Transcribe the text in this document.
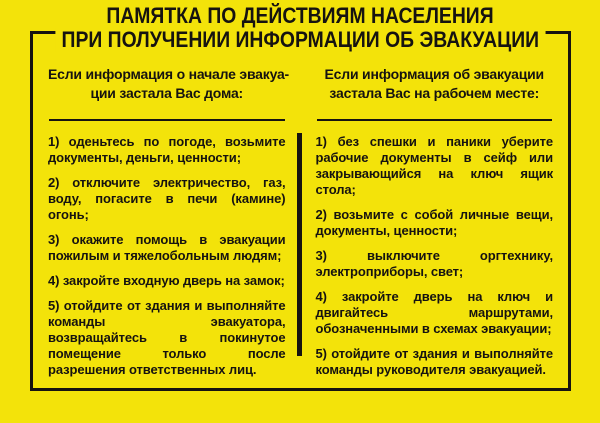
ПАМЯТКА ПО ДЕЙСТВИЯМ НАСЕЛЕНИЯ
ПРИ ПОЛУЧЕНИИ ИНФОРМАЦИИ ОБ ЭВАКУАЦИИ
Если информация о начале эвакуа-
ции застала Вас дома:

1) оденьтесь по погоде, возьмите документы, деньги, ценности;

2) отключите электричество, газ, воду, погасите в печи (камине) огонь;

3) окажите помощь в эвакуации пожилым и тяжелобольным людям;

4) закройте входную дверь на замок;

5) отойдите от здания и выполняйте команды эвакуатора, возвращайтесь в покинутое помещение только после разрешения ответственных лиц.

Если информация об эвакуации
застала Вас на рабочем месте:

1) без спешки и паники уберите рабочие документы в сейф или закрывающийся на ключ ящик стола;

2) возьмите с собой личные вещи, документы, ценности;

3) выключите оргтехнику, электроприборы, свет;

4) закройте дверь на ключ и двигайтесь маршрутами, обозначенными в схемах эвакуации;

5) отойдите от здания и выполняйте команды руководителя эвакуацией.
